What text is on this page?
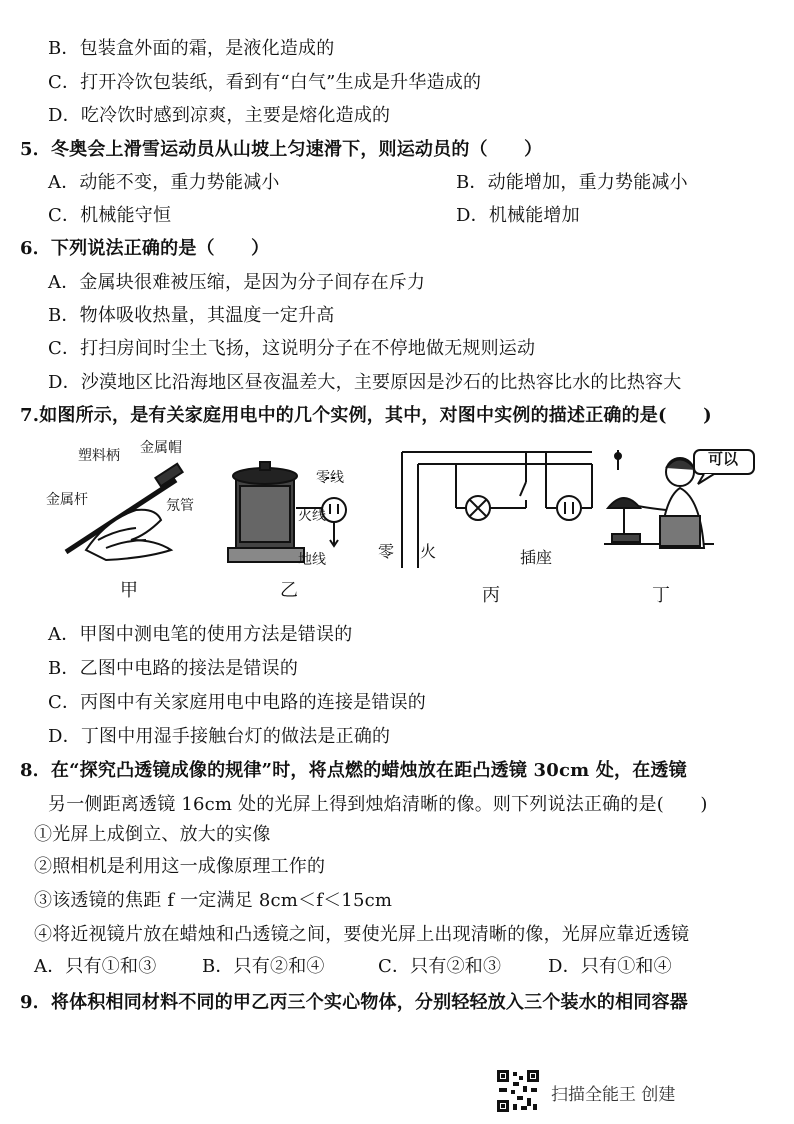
B．包装盒外面的霜，是液化造成的
C．打开冷饮包装纸，看到有“白气”生成是升华造成的
D．吃冷饮时感到凉爽，主要是熔化造成的
5．冬奥会上滑雪运动员从山坡上匀速滑下，则运动员的（　　）
A．动能不变，重力势能减小	B．动能增加，重力势能减小
C．机械能守恒	D．机械能增加
6．下列说法正确的是（　　）
A．金属块很难被压缩，是因为分子间存在斥力
B．物体吸收热量，其温度一定升高
C．打扫房间时尘土飞扬，这说明分子在不停地做无规则运动
D．沙漠地区比沿海地区昼夜温差大，主要原因是沙石的比热容比水的比热容大
7.如图所示，是有关家庭用电中的几个实例，其中，对图中实例的描述正确的是(　　)
塑料柄 金属帽
金属杆	氖管
甲
零线
火线
地线
乙
零 火	插座
丙
可以
丁
A．甲图中测电笔的使用方法是错误的
B．乙图中电路的接法是错误的
C．丙图中有关家庭用电中电路的连接是错误的
D．丁图中用湿手接触台灯的做法是正确的
8．在“探究凸透镜成像的规律”时，将点燃的蜡烛放在距凸透镜 30cm 处，在透镜
另一侧距离透镜 16cm 处的光屏上得到烛焰清晰的像。则下列说法正确的是(　　)
①光屏上成倒立、放大的实像
②照相机是利用这一成像原理工作的
③该透镜的焦距 f 一定满足 8cm＜f＜15cm
④将近视镜片放在蜡烛和凸透镜之间，要使光屏上出现清晰的像，光屏应靠近透镜
A．只有①和③	B．只有②和④	C．只有②和③	D．只有①和④
9．将体积相同材料不同的甲乙丙三个实心物体，分别轻轻放入三个装水的相同容器
扫描全能王 创建
